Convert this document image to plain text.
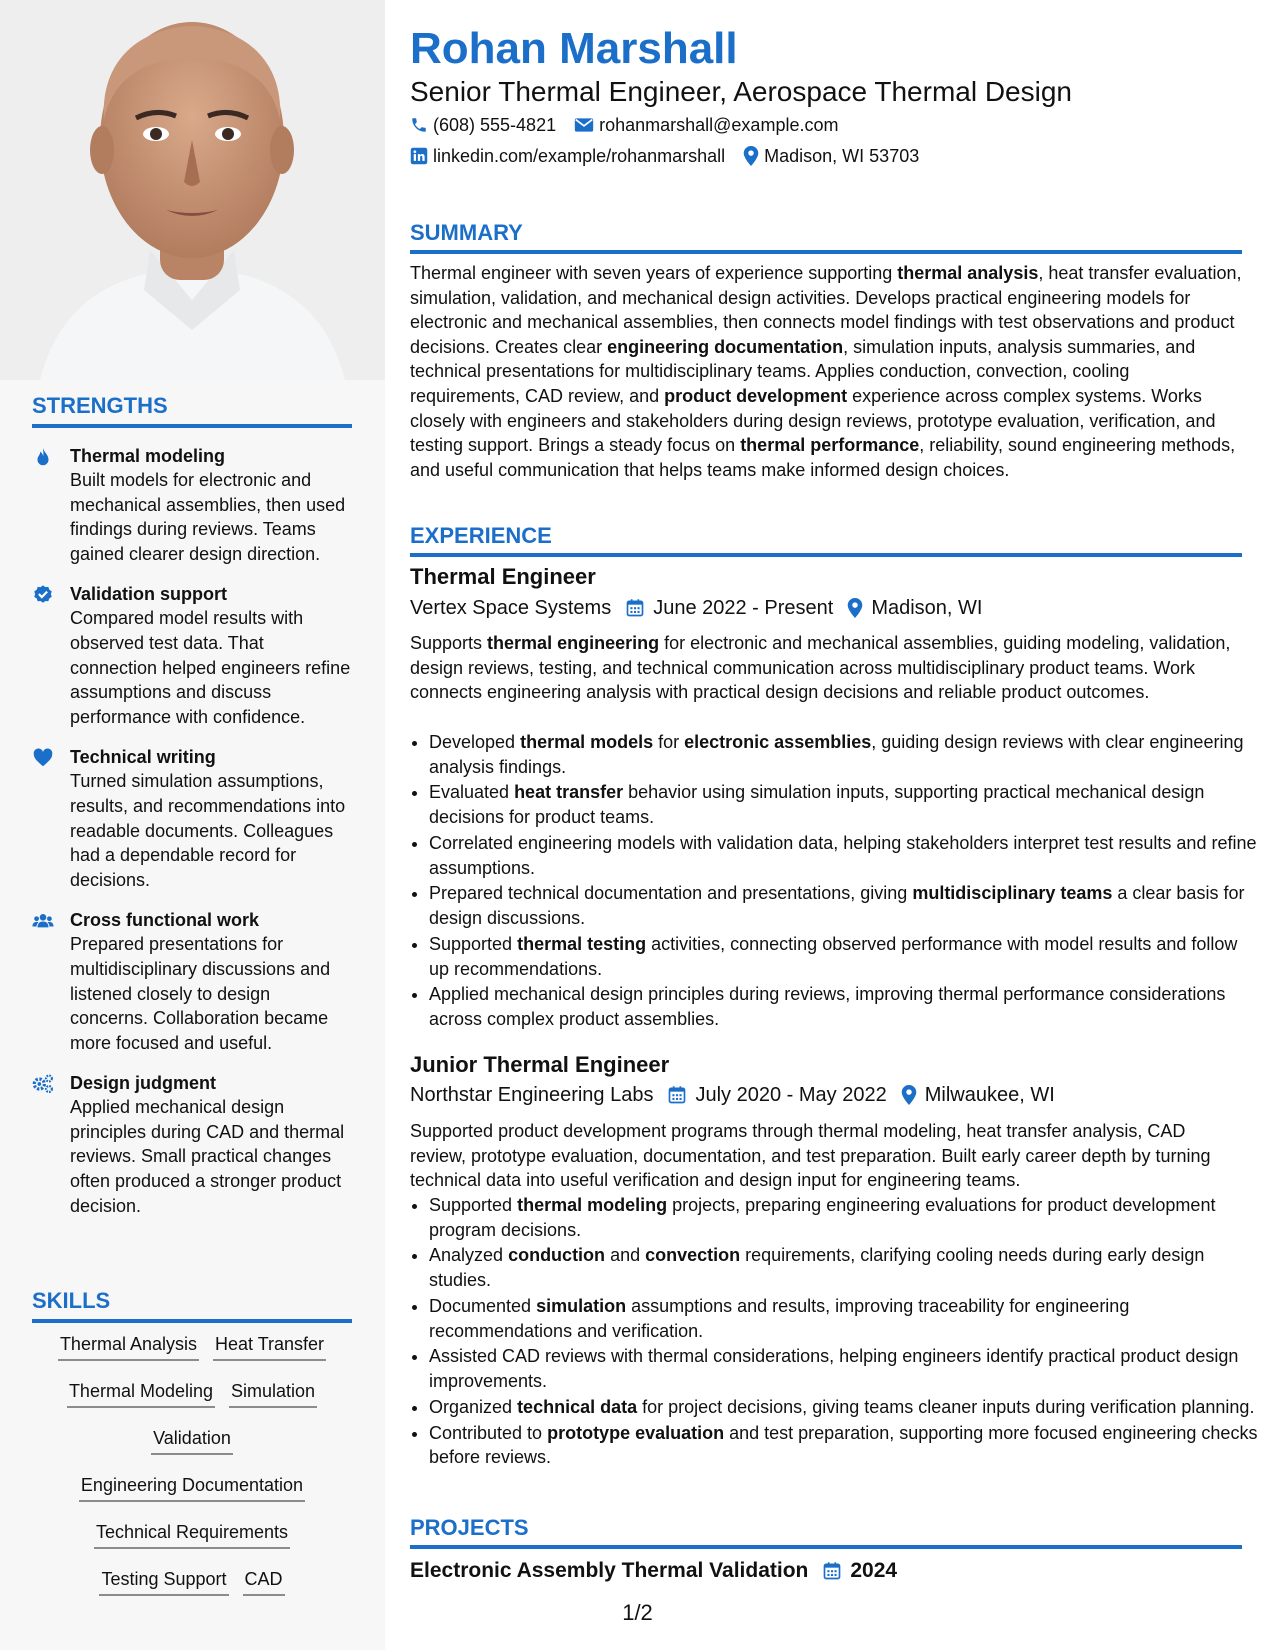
STRENGTHS
Thermal modeling
Built models for electronic and mechanical assemblies, then used findings during reviews. Teams gained clearer design direction.
Validation support
Compared model results with observed test data. That connection helped engineers refine assumptions and discuss performance with confidence.
Technical writing
Turned simulation assumptions, results, and recommendations into readable documents. Colleagues had a dependable record for decisions.
Cross functional work
Prepared presentations for multidisciplinary discussions and listened closely to design concerns. Collaboration became more focused and useful.
Design judgment
Applied mechanical design principles during CAD and thermal reviews. Small practical changes often produced a stronger product decision.
SKILLS
Thermal Analysis Heat Transfer
Thermal Modeling Simulation
Validation
Engineering Documentation
Technical Requirements
Testing Support CAD
Rohan Marshall
Senior Thermal Engineer, Aerospace Thermal Design
(608) 555-4821 rohanmarshall@example.com
linkedin.com/example/rohanmarshall Madison, WI 53703
SUMMARY

Thermal engineer with seven years of experience supporting thermal analysis, heat transfer evaluation, simulation, validation, and mechanical design activities. Develops practical engineering models for electronic and mechanical assemblies, then connects model findings with test observations and product decisions. Creates clear engineering documentation, simulation inputs, analysis summaries, and technical presentations for multidisciplinary teams. Applies conduction, convection, cooling requirements, CAD review, and product development experience across complex systems. Works closely with engineers and stakeholders during design reviews, prototype evaluation, verification, and testing support. Brings a steady focus on thermal performance, reliability, sound engineering methods, and useful communication that helps teams make informed design choices.

EXPERIENCE
Thermal Engineer
Vertex Space Systems June 2022 - Present Madison, WI

Supports thermal engineering for electronic and mechanical assemblies, guiding modeling, validation, design reviews, testing, and technical communication across multidisciplinary product teams. Work connects engineering analysis with practical design decisions and reliable product outcomes.

• Developed thermal models for electronic assemblies, guiding design reviews with clear engineering analysis findings.
• Evaluated heat transfer behavior using simulation inputs, supporting practical mechanical design decisions for product teams.
• Correlated engineering models with validation data, helping stakeholders interpret test results and refine assumptions.
• Prepared technical documentation and presentations, giving multidisciplinary teams a clear basis for design discussions.
• Supported thermal testing activities, connecting observed performance with model results and follow up recommendations.
• Applied mechanical design principles during reviews, improving thermal performance considerations across complex product assemblies.
Junior Thermal Engineer
Northstar Engineering Labs July 2020 - May 2022 Milwaukee, WI

Supported product development programs through thermal modeling, heat transfer analysis, CAD review, prototype evaluation, documentation, and test preparation. Built early career depth by turning technical data into useful verification and design input for engineering teams.

• Supported thermal modeling projects, preparing engineering evaluations for product development program decisions.
• Analyzed conduction and convection requirements, clarifying cooling needs during early design studies.
• Documented simulation assumptions and results, improving traceability for engineering recommendations and verification.
• Assisted CAD reviews with thermal considerations, helping engineers identify practical product design improvements.
• Organized technical data for project decisions, giving teams cleaner inputs during verification planning.
• Contributed to prototype evaluation and test preparation, supporting more focused engineering checks before reviews.
PROJECTS
Electronic Assembly Thermal Validation 2024
1/2
